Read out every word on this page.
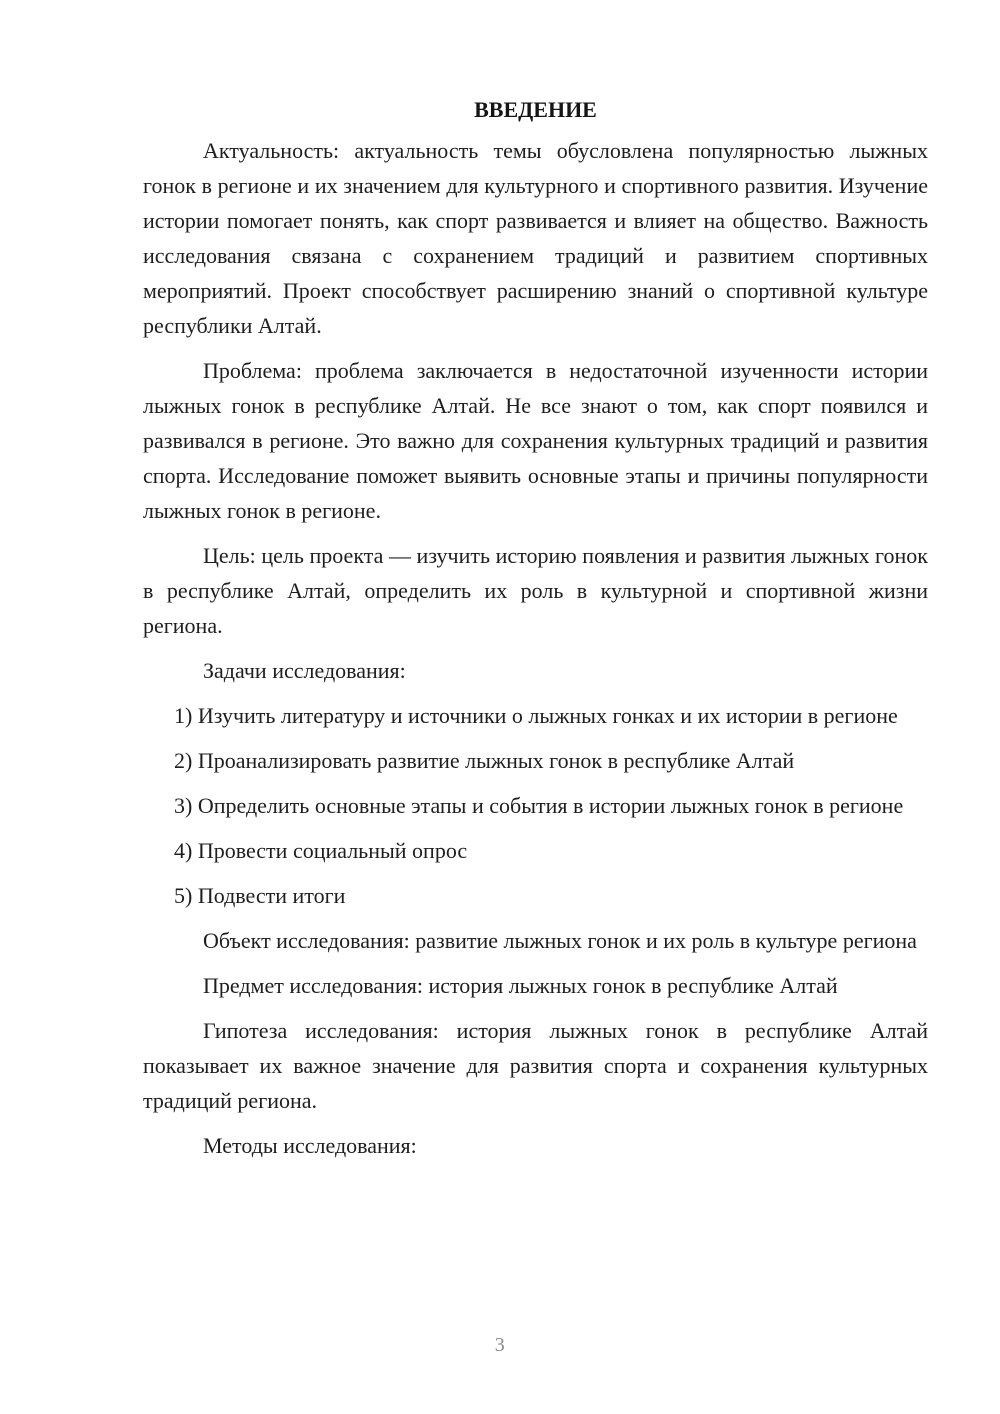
ВВЕДЕНИЕ

Актуальность: актуальность темы обусловлена популярностью лыжных гонок в регионе и их значением для культурного и спортивного развития. Изучение истории помогает понять, как спорт развивается и влияет на общество. Важность исследования связана с сохранением традиций и развитием спортивных мероприятий. Проект способствует расширению знаний о спортивной культуре республики Алтай.

Проблема: проблема заключается в недостаточной изученности истории лыжных гонок в республике Алтай. Не все знают о том, как спорт появился и развивался в регионе. Это важно для сохранения культурных традиций и развития спорта. Исследование поможет выявить основные этапы и причины популярности лыжных гонок в регионе.

Цель: цель проекта — изучить историю появления и развития лыжных гонок в республике Алтай, определить их роль в культурной и спортивной жизни региона.

Задачи исследования:

1) Изучить литературу и источники о лыжных гонках и их истории в регионе

2) Проанализировать развитие лыжных гонок в республике Алтай

3) Определить основные этапы и события в истории лыжных гонок в регионе

4) Провести социальный опрос

5) Подвести итоги

Объект исследования: развитие лыжных гонок и их роль в культуре региона

Предмет исследования: история лыжных гонок в республике Алтай

Гипотеза исследования: история лыжных гонок в республике Алтай показывает их важное значение для развития спорта и сохранения культурных традиций региона.

Методы исследования:

3
